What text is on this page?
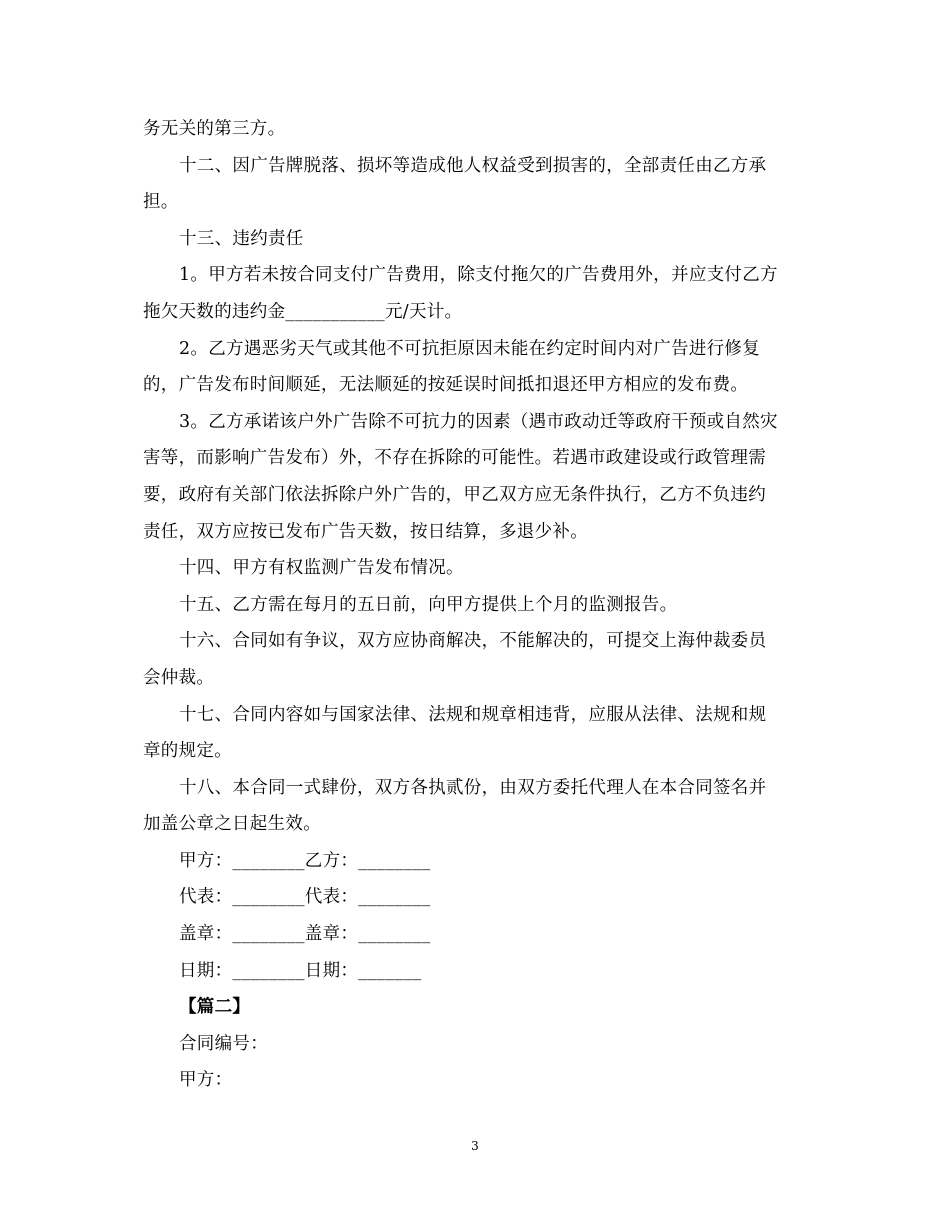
务无关的第三方。
十二、因广告牌脱落、损坏等造成他人权益受到损害的，全部责任由乙方承
担。
十三、违约责任
1。甲方若未按合同支付广告费用，除支付拖欠的广告费用外，并应支付乙方
拖欠天数的违约金___________元/天计。
2。乙方遇恶劣天气或其他不可抗拒原因未能在约定时间内对广告进行修复
的，广告发布时间顺延，无法顺延的按延误时间抵扣退还甲方相应的发布费。
3。乙方承诺该户外广告除不可抗力的因素（遇市政动迁等政府干预或自然灾
害等，而影响广告发布）外，不存在拆除的可能性。若遇市政建设或行政管理需
要，政府有关部门依法拆除户外广告的，甲乙双方应无条件执行，乙方不负违约
责任，双方应按已发布广告天数，按日结算，多退少补。
十四、甲方有权监测广告发布情况。
十五、乙方需在每月的五日前，向甲方提供上个月的监测报告。
十六、合同如有争议，双方应协商解决，不能解决的，可提交上海仲裁委员
会仲裁。
十七、合同内容如与国家法律、法规和规章相违背，应服从法律、法规和规
章的规定。
十八、本合同一式肆份，双方各执贰份，由双方委托代理人在本合同签名并
加盖公章之日起生效。
甲方：________乙方：________
代表：________代表：________
盖章：________盖章：________
日期：________日期：_______
【篇二】
合同编号：
甲方：
3
